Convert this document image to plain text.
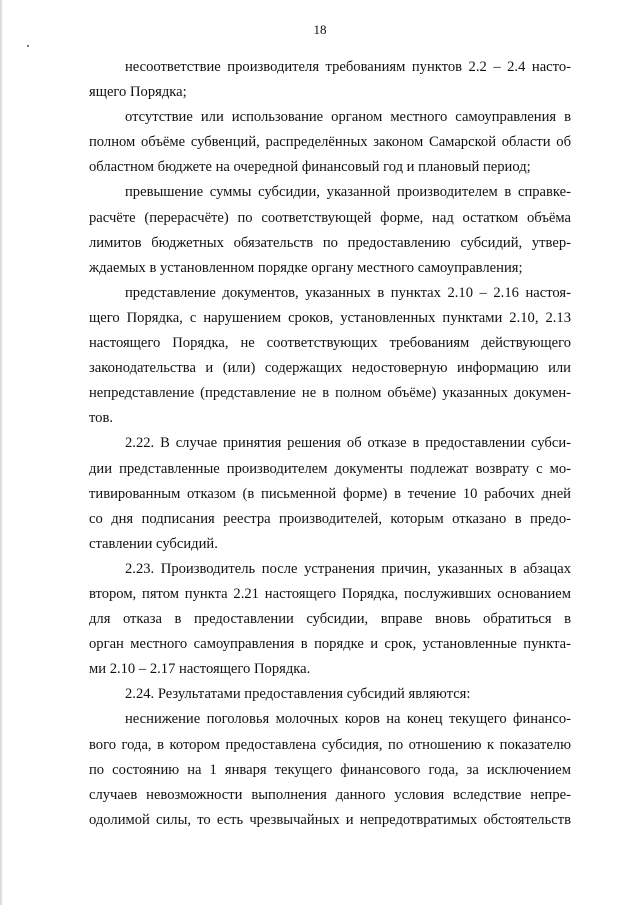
18
несоответствие производителя требованиям пунктов 2.2 – 2.4 насто-
ящего Порядка;
отсутствие или использование органом местного самоуправления в
полном объёме субвенций, распределённых законом Самарской области об
областном бюджете на очередной финансовый год и плановый период;
превышение суммы субсидии, указанной производителем в справке-
расчёте (перерасчёте) по соответствующей форме, над остатком объёма
лимитов бюджетных обязательств по предоставлению субсидий, утвер-
ждаемых в установленном порядке органу местного самоуправления;
представление документов, указанных в пунктах 2.10 – 2.16 настоя-
щего Порядка, с нарушением сроков, установленных пунктами 2.10, 2.13
настоящего Порядка, не соответствующих требованиям действующего
законодательства и (или) содержащих недостоверную информацию или
непредставление (представление не в полном объёме) указанных докумен-
тов.
2.22. В случае принятия решения об отказе в предоставлении субси-
дии представленные производителем документы подлежат возврату с мо-
тивированным отказом (в письменной форме) в течение 10 рабочих дней
со дня подписания реестра производителей, которым отказано в предо-
ставлении субсидий.
2.23. Производитель после устранения причин, указанных в абзацах
втором, пятом пункта 2.21 настоящего Порядка, послуживших основанием
для отказа в предоставлении субсидии, вправе вновь обратиться в
орган местного самоуправления в порядке и срок, установленные пункта-
ми 2.10 – 2.17 настоящего Порядка.
2.24. Результатами предоставления субсидий являются:
неснижение поголовья молочных коров на конец текущего финансо-
вого года, в котором предоставлена субсидия, по отношению к показателю
по состоянию на 1 января текущего финансового года, за исключением
случаев невозможности выполнения данного условия вследствие непре-
одолимой силы, то есть чрезвычайных и непредотвратимых обстоятельств
